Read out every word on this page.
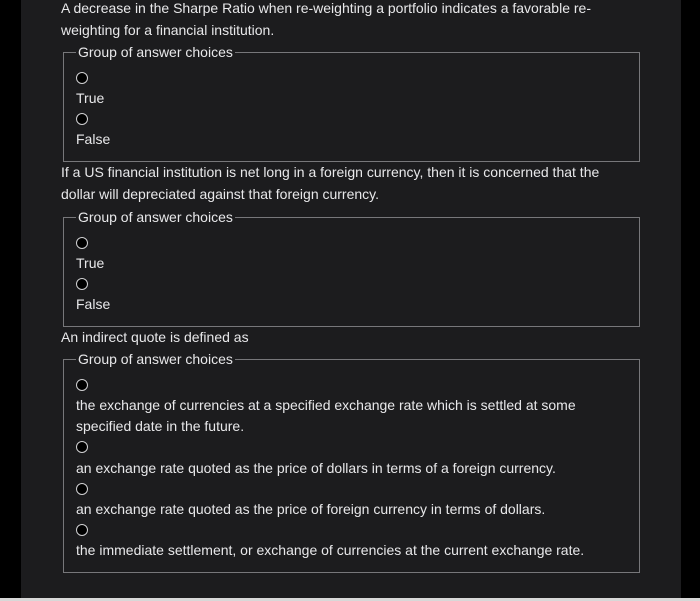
A decrease in the Sharpe Ratio when re-weighting a portfolio indicates a favorable re-weighting for a financial institution.
Group of answer choices
True
False
If a US financial institution is net long in a foreign currency, then it is concerned that the dollar will depreciated against that foreign currency.
Group of answer choices
True
False
An indirect quote is defined as
Group of answer choices
the exchange of currencies at a specified exchange rate which is settled at some specified date in the future.
an exchange rate quoted as the price of dollars in terms of a foreign currency.
an exchange rate quoted as the price of foreign currency in terms of dollars.
the immediate settlement, or exchange of currencies at the current exchange rate.
